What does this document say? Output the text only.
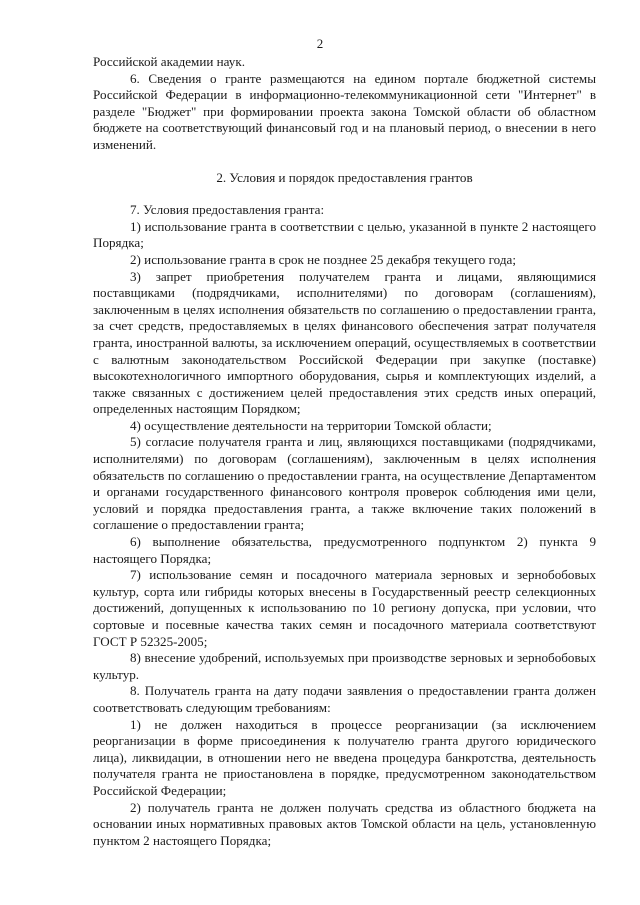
2

Российской академии наук.

6. Сведения о гранте размещаются на едином портале бюджетной системы Российской Федерации в информационно-телекоммуникационной сети "Интернет" в разделе "Бюджет" при формировании проекта закона Томской области об областном бюджете на соответствующий финансовый год и на плановый период, о внесении в него изменений.

2. Условия и порядок предоставления грантов

7. Условия предоставления гранта:

1) использование гранта в соответствии с целью, указанной в пункте 2 настоящего Порядка;

2) использование гранта в срок не позднее 25 декабря текущего года;

3) запрет приобретения получателем гранта и лицами, являющимися поставщиками (подрядчиками, исполнителями) по договорам (соглашениям), заключенным в целях исполнения обязательств по соглашению о предоставлении гранта, за счет средств, предоставляемых в целях финансового обеспечения затрат получателя гранта, иностранной валюты, за исключением операций, осуществляемых в соответствии с валютным законодательством Российской Федерации при закупке (поставке) высокотехнологичного импортного оборудования, сырья и комплектующих изделий, а также связанных с достижением целей предоставления этих средств иных операций, определенных настоящим Порядком;

4) осуществление деятельности на территории Томской области;

5) согласие получателя гранта и лиц, являющихся поставщиками (подрядчиками, исполнителями) по договорам (соглашениям), заключенным в целях исполнения обязательств по соглашению о предоставлении гранта, на осуществление Департаментом и органами государственного финансового контроля проверок соблюдения ими цели, условий и порядка предоставления гранта, а также включение таких положений в соглашение о предоставлении гранта;

6) выполнение обязательства, предусмотренного подпунктом 2) пункта 9 настоящего Порядка;

7) использование семян и посадочного материала зерновых и зернобобовых культур, сорта или гибриды которых внесены в Государственный реестр селекционных достижений, допущенных к использованию по 10 региону допуска, при условии, что сортовые и посевные качества таких семян и посадочного материала соответствуют ГОСТ Р 52325-2005;

8) внесение удобрений, используемых при производстве зерновых и зернобобовых культур.

8. Получатель гранта на дату подачи заявления о предоставлении гранта должен соответствовать следующим требованиям:

1) не должен находиться в процессе реорганизации (за исключением реорганизации в форме присоединения к получателю гранта другого юридического лица), ликвидации, в отношении него не введена процедура банкротства, деятельность получателя гранта не приостановлена в порядке, предусмотренном законодательством Российской Федерации;

2) получатель гранта не должен получать средства из областного бюджета на основании иных нормативных правовых актов Томской области на цель, установленную пунктом 2 настоящего Порядка;
